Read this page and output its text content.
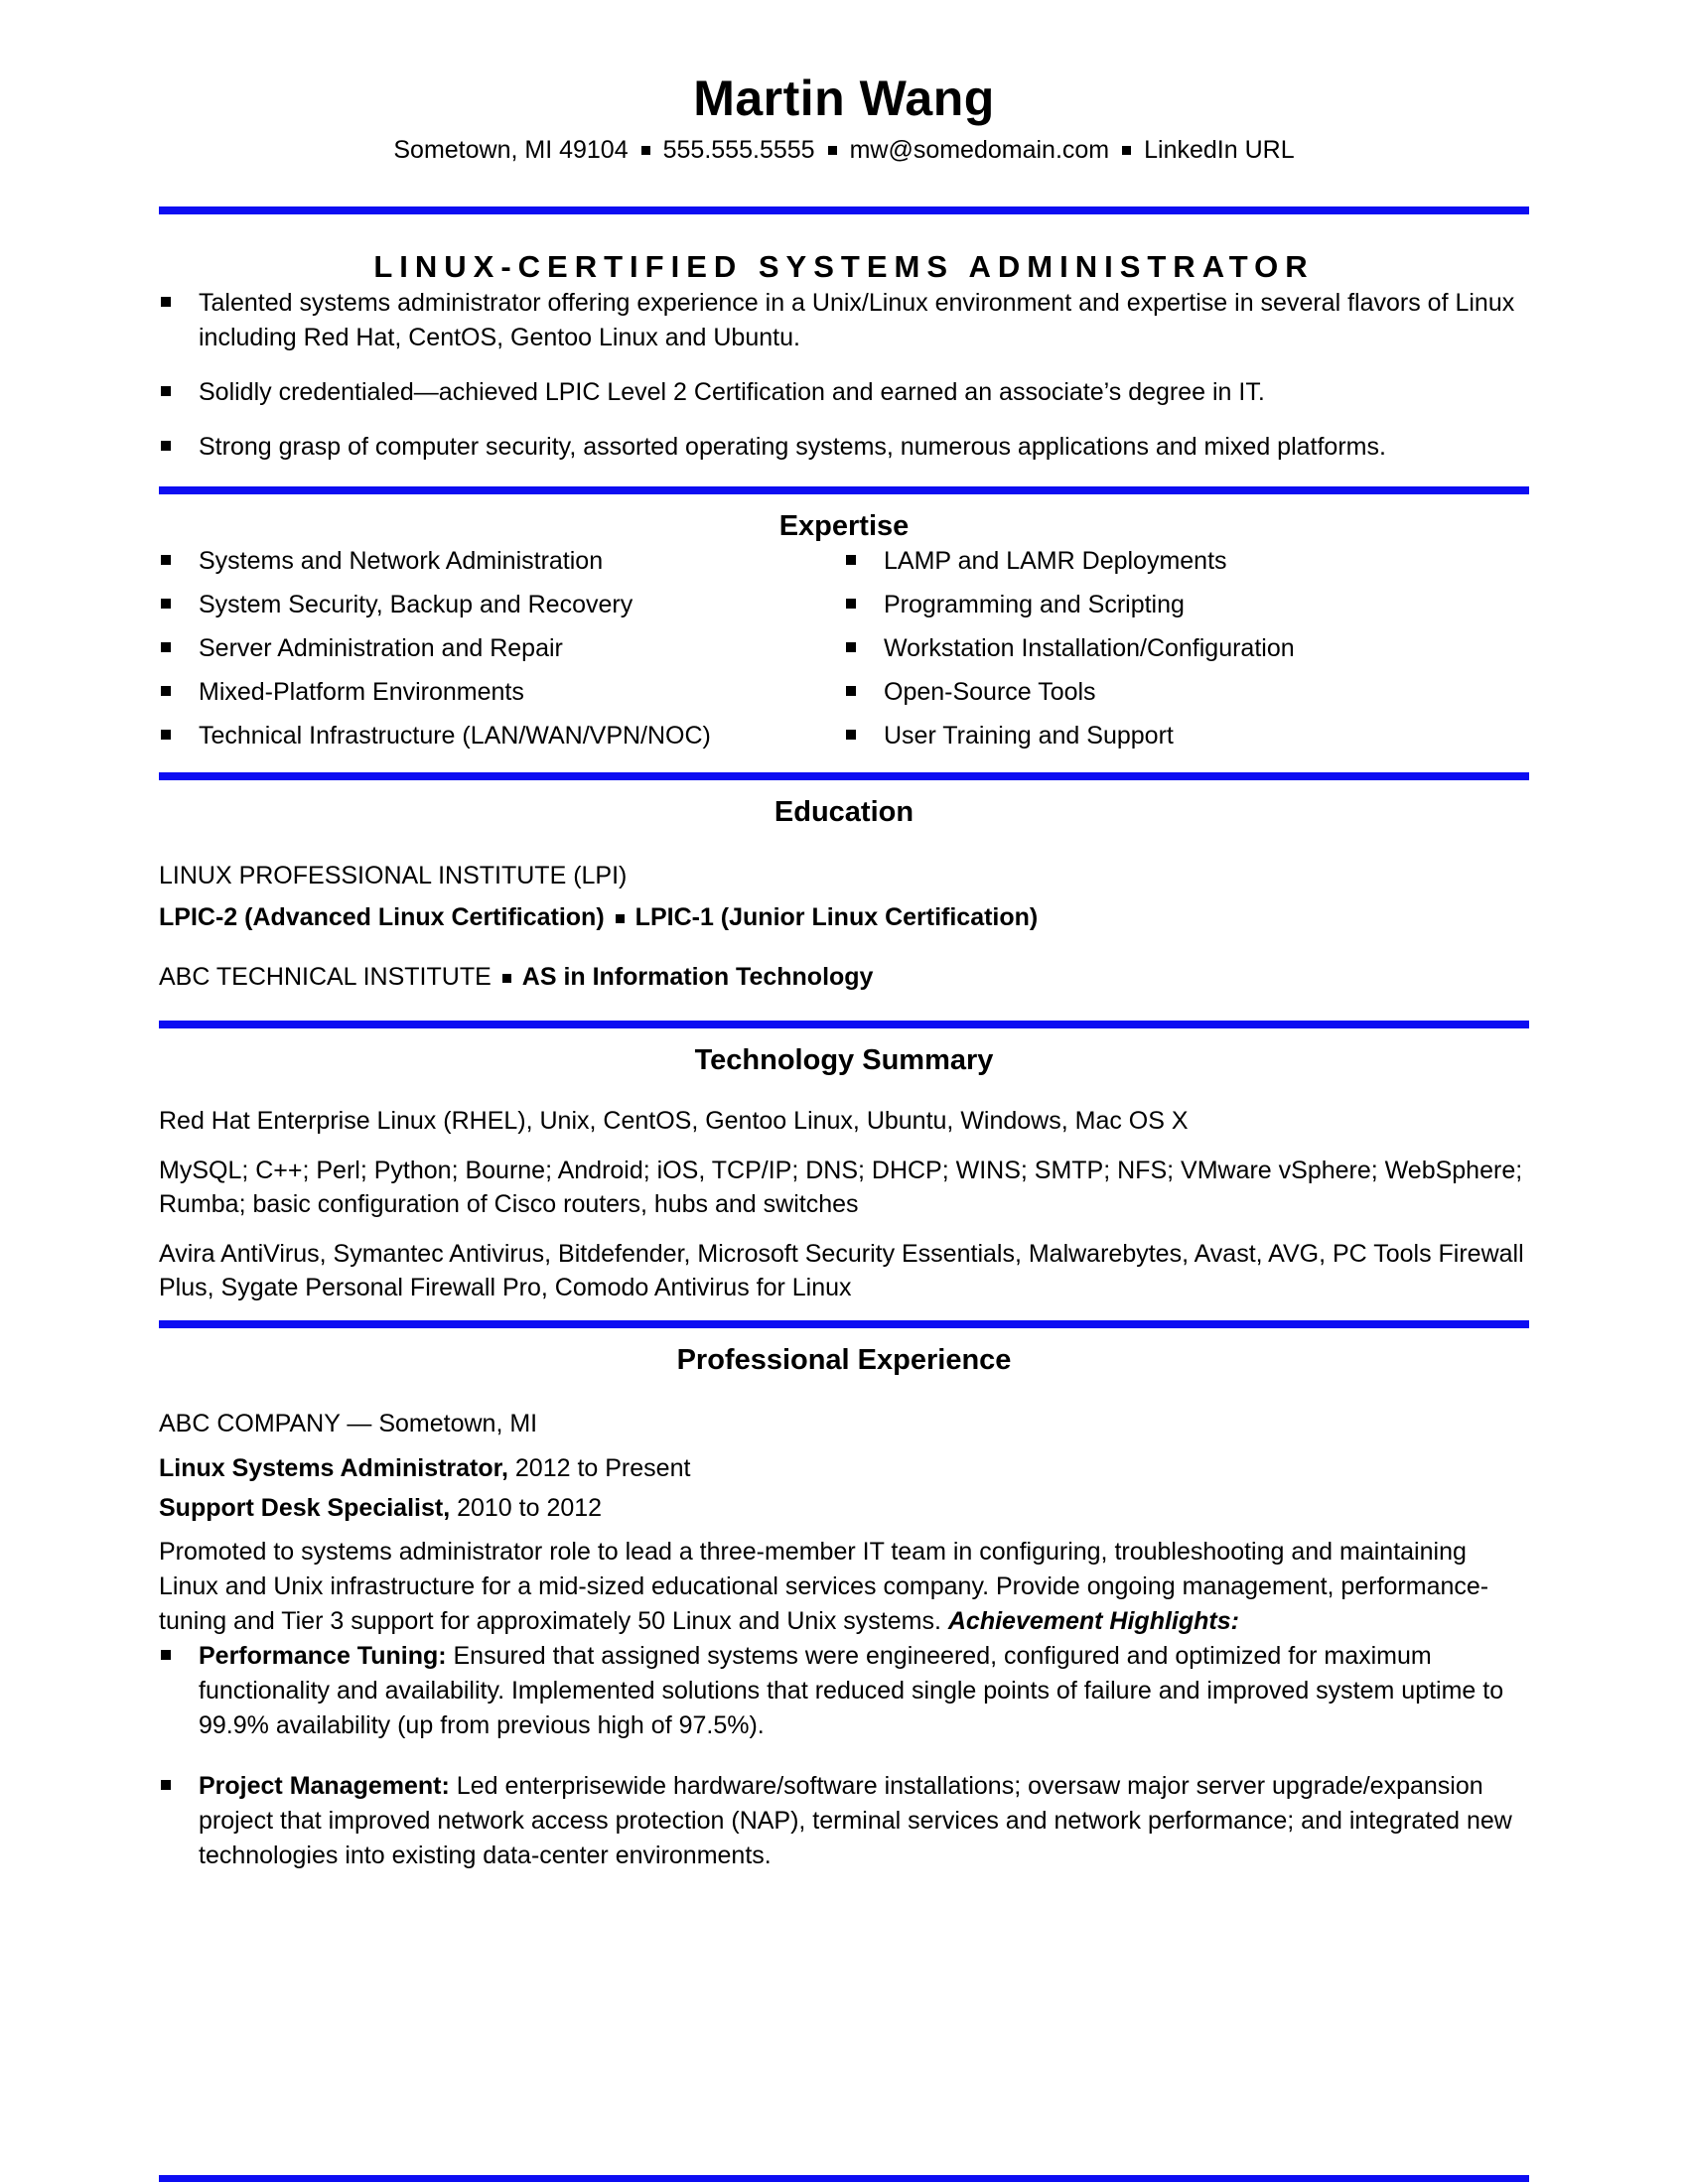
Martin Wang
Sometown, MI 49104 555.555.5555 mw@somedomain.com LinkedIn URL
LINUX-CERTIFIED SYSTEMS ADMINISTRATOR
Talented systems administrator offering experience in a Unix/Linux environment and expertise in several flavors of Linux including Red Hat, CentOS, Gentoo Linux and Ubuntu.
Solidly credentialed—achieved LPIC Level 2 Certification and earned an associate’s degree in IT.
Strong grasp of computer security, assorted operating systems, numerous applications and mixed platforms.
Expertise
Systems and Network Administration	LAMP and LAMR Deployments
System Security, Backup and Recovery	Programming and Scripting
Server Administration and Repair	Workstation Installation/Configuration
Mixed-Platform Environments	Open-Source Tools
Technical Infrastructure (LAN/WAN/VPN/NOC)	User Training and Support
Education
LINUX PROFESSIONAL INSTITUTE (LPI)
LPIC-2 (Advanced Linux Certification) LPIC-1 (Junior Linux Certification)
ABC TECHNICAL INSTITUTE AS in Information Technology
Technology Summary

Red Hat Enterprise Linux (RHEL), Unix, CentOS, Gentoo Linux, Ubuntu, Windows, Mac OS X

MySQL; C++; Perl; Python; Bourne; Android; iOS, TCP/IP; DNS; DHCP; WINS; SMTP; NFS; VMware vSphere; WebSphere; Rumba; basic configuration of Cisco routers, hubs and switches

Avira AntiVirus, Symantec Antivirus, Bitdefender, Microsoft Security Essentials, Malwarebytes, Avast, AVG, PC Tools Firewall Plus, Sygate Personal Firewall Pro, Comodo Antivirus for Linux

Professional Experience
ABC COMPANY — Sometown, MI
Linux Systems Administrator, 2012 to Present
Support Desk Specialist, 2010 to 2012

Promoted to systems administrator role to lead a three-member IT team in configuring, troubleshooting and maintaining Linux and Unix infrastructure for a mid-sized educational services company. Provide ongoing management, performance-tuning and Tier 3 support for approximately 50 Linux and Unix systems. Achievement Highlights:

Performance Tuning: Ensured that assigned systems were engineered, configured and optimized for maximum functionality and availability. Implemented solutions that reduced single points of failure and improved system uptime to 99.9% availability (up from previous high of 97.5%).
Project Management: Led enterprisewide hardware/software installations; oversaw major server upgrade/expansion project that improved network access protection (NAP), terminal services and network performance; and integrated new technologies into existing data-center environments.
